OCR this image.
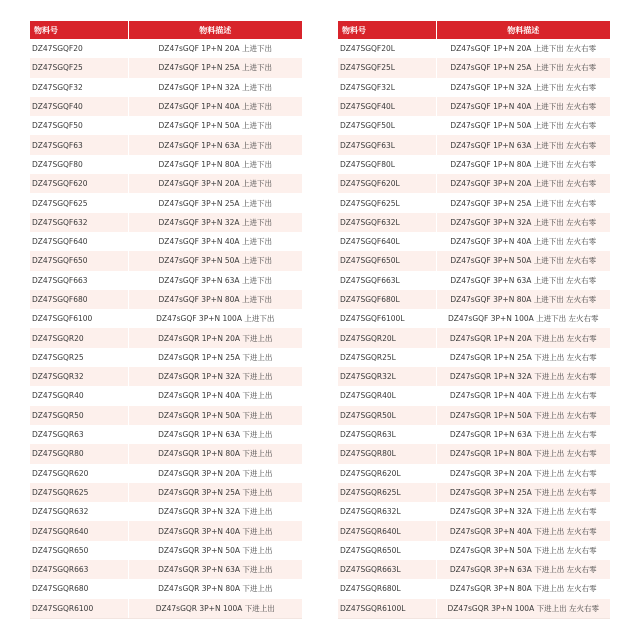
物料号	物料描述
DZ47SGQF20	DZ47sGQF 1P+N 20A 上进下出
DZ47SGQF25	DZ47sGQF 1P+N 25A 上进下出
DZ47SGQF32	DZ47sGQF 1P+N 32A 上进下出
DZ47SGQF40	DZ47sGQF 1P+N 40A 上进下出
DZ47SGQF50	DZ47sGQF 1P+N 50A 上进下出
DZ47SGQF63	DZ47sGQF 1P+N 63A 上进下出
DZ47SGQF80	DZ47sGQF 1P+N 80A 上进下出
DZ47SGQF620	DZ47sGQF 3P+N 20A 上进下出
DZ47SGQF625	DZ47sGQF 3P+N 25A 上进下出
DZ47SGQF632	DZ47sGQF 3P+N 32A 上进下出
DZ47SGQF640	DZ47sGQF 3P+N 40A 上进下出
DZ47SGQF650	DZ47sGQF 3P+N 50A 上进下出
DZ47SGQF663	DZ47sGQF 3P+N 63A 上进下出
DZ47SGQF680	DZ47sGQF 3P+N 80A 上进下出
DZ47SGQF6100	DZ47sGQF 3P+N 100A 上进下出
DZ47SGQR20	DZ47sGQR 1P+N 20A 下进上出
DZ47SGQR25	DZ47sGQR 1P+N 25A 下进上出
DZ47SGQR32	DZ47sGQR 1P+N 32A 下进上出
DZ47SGQR40	DZ47sGQR 1P+N 40A 下进上出
DZ47SGQR50	DZ47sGQR 1P+N 50A 下进上出
DZ47SGQR63	DZ47sGQR 1P+N 63A 下进上出
DZ47SGQR80	DZ47sGQR 1P+N 80A 下进上出
DZ47SGQR620	DZ47sGQR 3P+N 20A 下进上出
DZ47SGQR625	DZ47sGQR 3P+N 25A 下进上出
DZ47SGQR632	DZ47sGQR 3P+N 32A 下进上出
DZ47SGQR640	DZ47sGQR 3P+N 40A 下进上出
DZ47SGQR650	DZ47sGQR 3P+N 50A 下进上出
DZ47SGQR663	DZ47sGQR 3P+N 63A 下进上出
DZ47SGQR680	DZ47sGQR 3P+N 80A 下进上出
DZ47SGQR6100	DZ47sGQR 3P+N 100A 下进上出
物料号	物料描述
DZ47SGQF20L	DZ47sGQF 1P+N 20A 上进下出 左火右零
DZ47SGQF25L	DZ47sGQF 1P+N 25A 上进下出 左火右零
DZ47SGQF32L	DZ47sGQF 1P+N 32A 上进下出 左火右零
DZ47SGQF40L	DZ47sGQF 1P+N 40A 上进下出 左火右零
DZ47SGQF50L	DZ47sGQF 1P+N 50A 上进下出 左火右零
DZ47SGQF63L	DZ47sGQF 1P+N 63A 上进下出 左火右零
DZ47SGQF80L	DZ47sGQF 1P+N 80A 上进下出 左火右零
DZ47SGQF620L	DZ47sGQF 3P+N 20A 上进下出 左火右零
DZ47SGQF625L	DZ47sGQF 3P+N 25A 上进下出 左火右零
DZ47SGQF632L	DZ47sGQF 3P+N 32A 上进下出 左火右零
DZ47SGQF640L	DZ47sGQF 3P+N 40A 上进下出 左火右零
DZ47SGQF650L	DZ47sGQF 3P+N 50A 上进下出 左火右零
DZ47SGQF663L	DZ47sGQF 3P+N 63A 上进下出 左火右零
DZ47SGQF680L	DZ47sGQF 3P+N 80A 上进下出 左火右零
DZ47SGQF6100L	DZ47sGQF 3P+N 100A 上进下出 左火右零
DZ47SGQR20L	DZ47sGQR 1P+N 20A 下进上出 左火右零
DZ47SGQR25L	DZ47sGQR 1P+N 25A 下进上出 左火右零
DZ47SGQR32L	DZ47sGQR 1P+N 32A 下进上出 左火右零
DZ47SGQR40L	DZ47sGQR 1P+N 40A 下进上出 左火右零
DZ47SGQR50L	DZ47sGQR 1P+N 50A 下进上出 左火右零
DZ47SGQR63L	DZ47sGQR 1P+N 63A 下进上出 左火右零
DZ47SGQR80L	DZ47sGQR 1P+N 80A 下进上出 左火右零
DZ47SGQR620L	DZ47sGQR 3P+N 20A 下进上出 左火右零
DZ47SGQR625L	DZ47sGQR 3P+N 25A 下进上出 左火右零
DZ47SGQR632L	DZ47sGQR 3P+N 32A 下进上出 左火右零
DZ47SGQR640L	DZ47sGQR 3P+N 40A 下进上出 左火右零
DZ47SGQR650L	DZ47sGQR 3P+N 50A 下进上出 左火右零
DZ47SGQR663L	DZ47sGQR 3P+N 63A 下进上出 左火右零
DZ47SGQR680L	DZ47sGQR 3P+N 80A 下进上出 左火右零
DZ47SGQR6100L	DZ47sGQR 3P+N 100A 下进上出 左火右零
